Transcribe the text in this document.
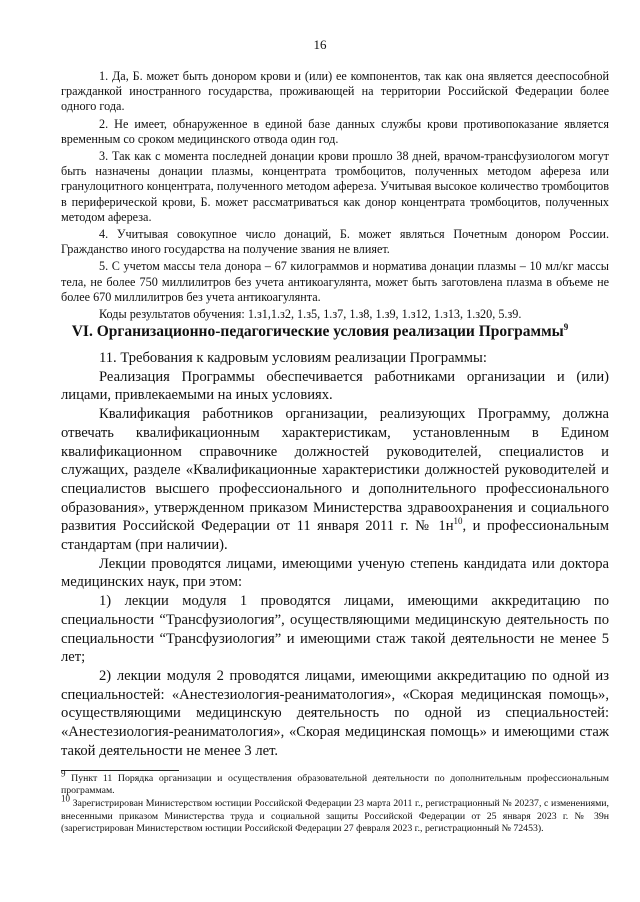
16

1. Да, Б. может быть донором крови и (или) ее компонентов, так как она является дееспособной гражданкой иностранного государства, проживающей на территории Российской Федерации более одного года.

2. Не имеет, обнаруженное в единой базе данных службы крови противопоказание является временным со сроком медицинского отвода один год.

3. Так как с момента последней донации крови прошло 38 дней, врачом-трансфузиологом могут быть назначены донации плазмы, концентрата тромбоцитов, полученных методом афереза или гранулоцитного концентрата, полученного методом афереза. Учитывая высокое количество тромбоцитов в периферической крови, Б. может рассматриваться как донор концентрата тромбоцитов, полученных методом афереза.

4. Учитывая совокупное число донаций, Б. может являться Почетным донором России. Гражданство иного государства на получение звания не влияет.

5. С учетом массы тела донора – 67 килограммов и норматива донации плазмы – 10 мл/кг массы тела, не более 750 миллилитров без учета антикоагулянта, может быть заготовлена плазма в объеме не более 670 миллилитров без учета антикоагулянта.

Коды результатов обучения: 1.з1,1.з2, 1.з5, 1.з7, 1.з8, 1.з9, 1.з12, 1.з13, 1.з20, 5.з9.

VI. Организационно-педагогические условия реализации Программы$^9$

11. Требования к кадровым условиям реализации Программы:

Реализация Программы обеспечивается работниками организации и (или) лицами, привлекаемыми на иных условиях.

Квалификация работников организации, реализующих Программу, должна отвечать квалификационным характеристикам, установленным в Едином квалификационном справочнике должностей руководителей, специалистов и служащих, разделе «Квалификационные характеристики должностей руководителей и специалистов высшего профессионального и дополнительного профессионального образования», утвержденном приказом Министерства здравоохранения и социального развития Российской Федерации от 11 января 2011 г. № $1н^{10}$, и профессиональным стандартам (при наличии).

Лекции проводятся лицами, имеющими ученую степень кандидата или доктора медицинских наук, при этом:

1) лекции модуля 1 проводятся лицами, имеющими аккредитацию по специальности “Трансфузиология”, осуществляющими медицинскую деятельность по специальности “Трансфузиология” и имеющими стаж такой деятельности не менее 5 лет;

2) лекции модуля 2 проводятся лицами, имеющими аккредитацию по одной из специальностей: «Анестезиология-реаниматология», «Скорая медицинская помощь», осуществляющими медицинскую деятельность по одной из специальностей: «Анестезиология-реаниматология», «Скорая медицинская помощь» и имеющими стаж такой деятельности не менее 3 лет.

$^9$ Пункт 11 Порядка организации и осуществления образовательной деятельности по дополнительным профессиональным программам.

$^{10}$ Зарегистрирован Министерством юстиции Российской Федерации 23 марта 2011 г., регистрационный № 20237, с изменениями, внесенными приказом Министерства труда и социальной защиты Российской Федерации от 25 января 2023 г. № 39н (зарегистрирован Министерством юстиции Российской Федерации 27 февраля 2023 г., регистрационный № 72453).
